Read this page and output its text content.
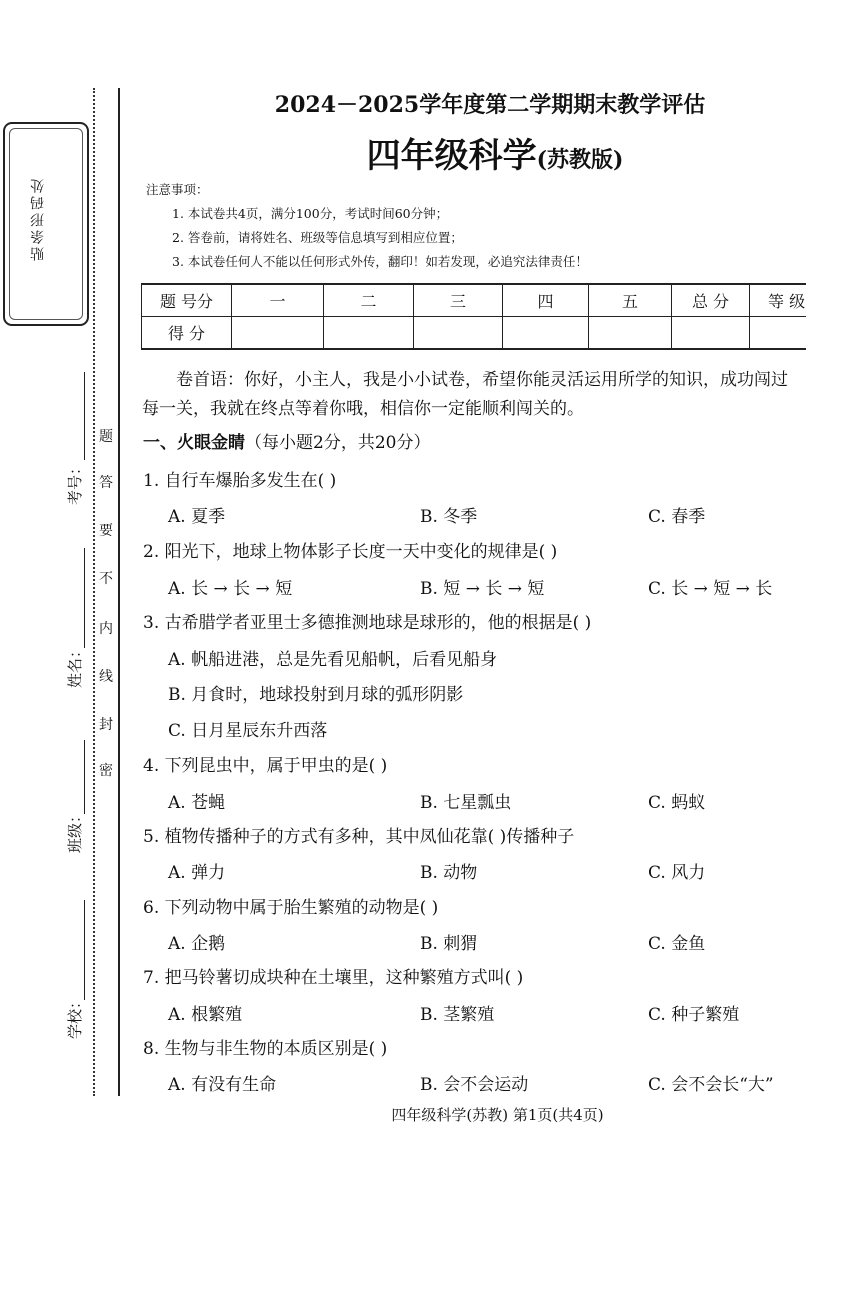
贴条形码处
考号：
姓名：
班级：
学校：
题
答
要
不
内
线
封
密
2024－2025学年度第二学期期末教学评估
四年级科学(苏教版)
注意事项：
1. 本试卷共4页，满分100分，考试时间60分钟；
2. 答卷前，请将姓名、班级等信息填写到相应位置；
3. 本试卷任何人不能以任何形式外传，翻印！如若发现，必追究法律责任！
题 号分	一	二	三	四	五	总 分	等 级
得 分							
卷首语：你好，小主人，我是小小试卷，希望你能灵活运用所学的知识，成功闯过
每一关，我就在终点等着你哦，相信你一定能顺利闯关的。
一、火眼金睛（每小题2分，共20分）
1. 自行车爆胎多发生在( )
A. 夏季	B. 冬季	C. 春季
2. 阳光下，地球上物体影子长度一天中变化的规律是( )
A. 长 → 长 → 短	B. 短 → 长 → 短	C. 长 → 短 → 长
3. 古希腊学者亚里士多德推测地球是球形的，他的根据是( )
A. 帆船进港，总是先看见船帆，后看见船身
B. 月食时，地球投射到月球的弧形阴影
C. 日月星辰东升西落
4. 下列昆虫中，属于甲虫的是( )
A. 苍蝇	B. 七星瓢虫	C. 蚂蚁
5. 植物传播种子的方式有多种，其中凤仙花靠( )传播种子
A. 弹力	B. 动物	C. 风力
6. 下列动物中属于胎生繁殖的动物是( )
A. 企鹅	B. 刺猬	C. 金鱼
7. 把马铃薯切成块种在土壤里，这种繁殖方式叫( )
A. 根繁殖	B. 茎繁殖	C. 种子繁殖
8. 生物与非生物的本质区别是( )
A. 有没有生命	B. 会不会运动	C. 会不会长“大”
四年级科学(苏教) 第1页(共4页)
